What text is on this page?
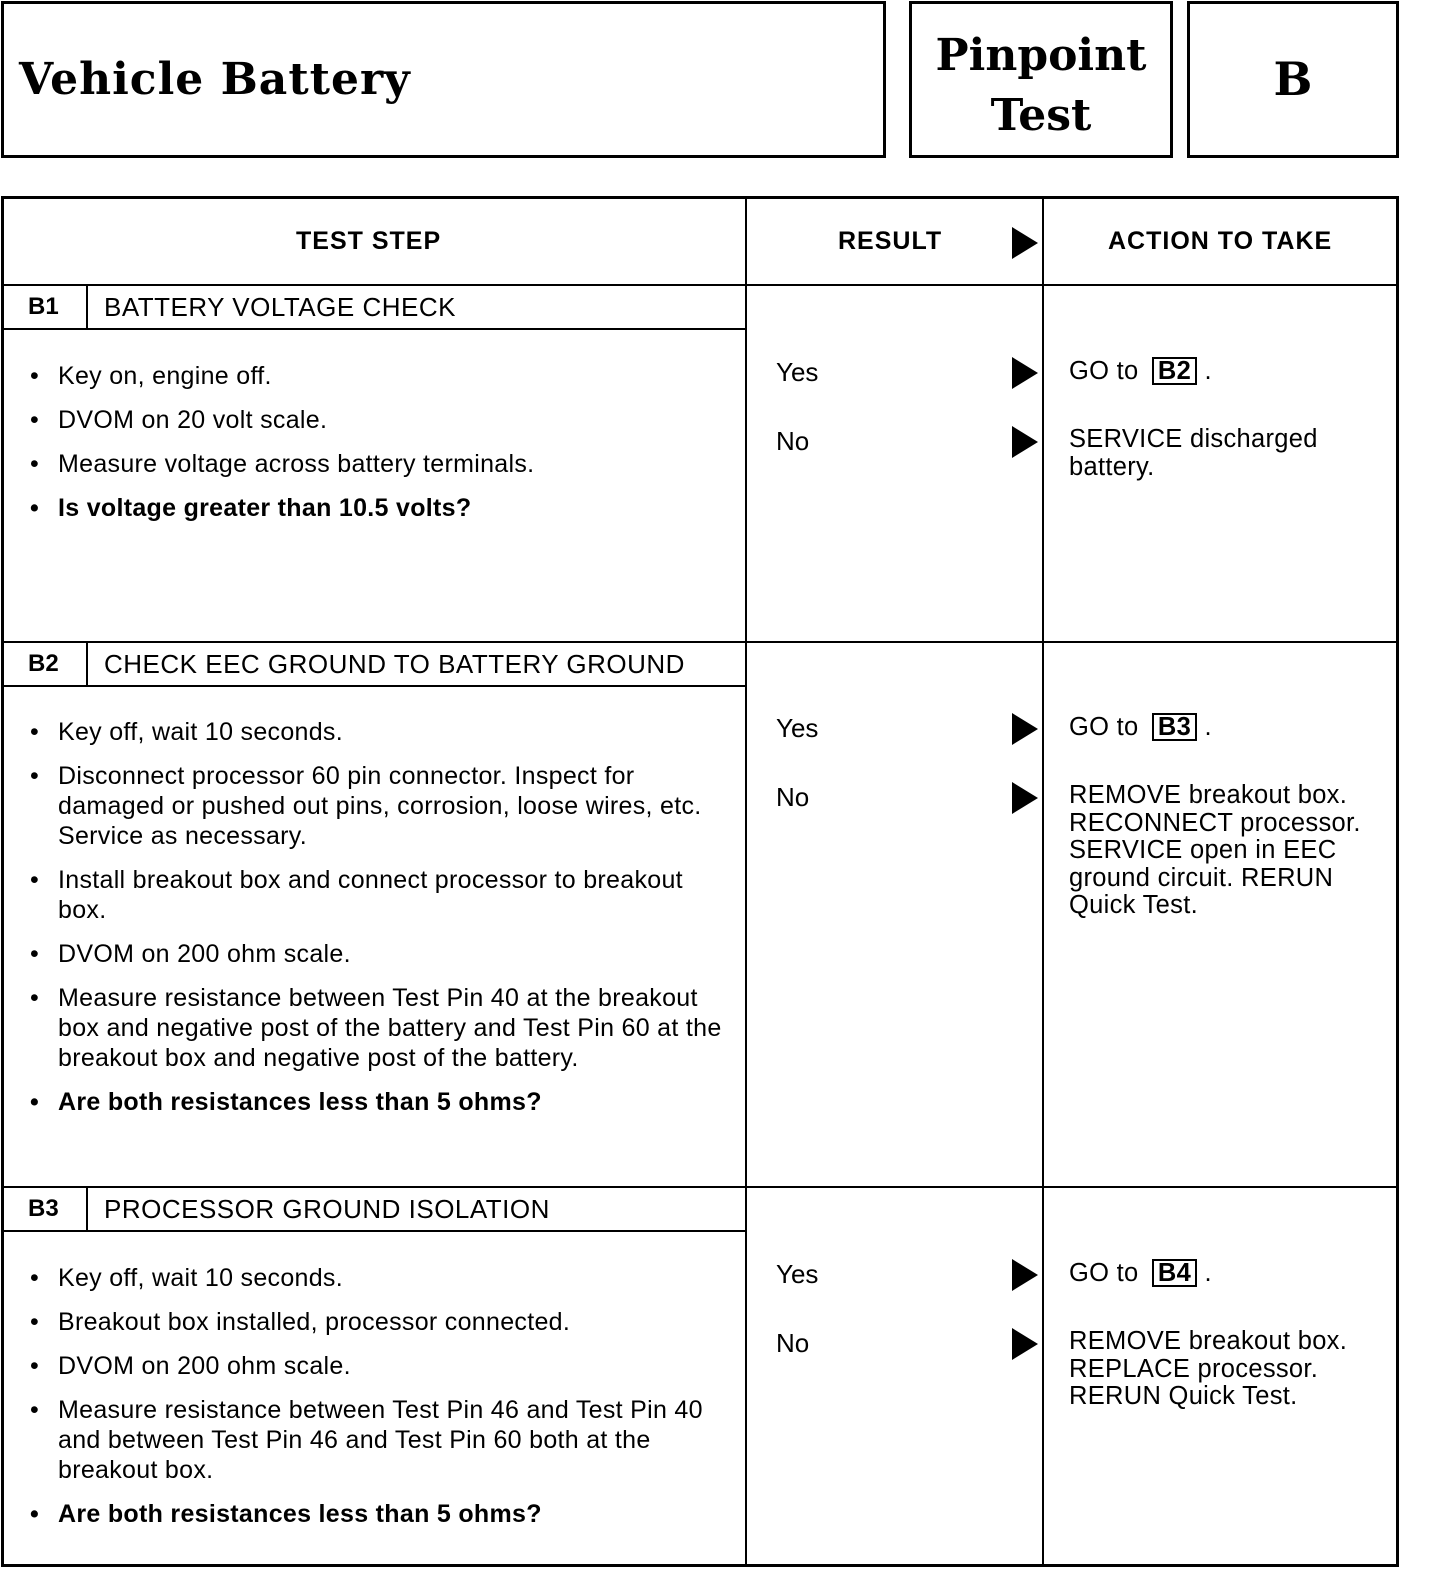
Vehicle Battery	Pinpoint
Test
B
TEST STEP	RESULT	ACTION TO TAKE
B1	BATTERY VOLTAGE CHECK
• Key on, engine off.
• DVOM on 20 volt scale.
• Measure voltage across battery terminals.
• Is voltage greater than 10.5 volts?
Yes	GO to B2 .
No	SERVICE discharged battery.
B2	CHECK EEC GROUND TO BATTERY GROUND
• Key off, wait 10 seconds.
• Disconnect processor 60 pin connector. Inspect for damaged or pushed out pins, corrosion, loose wires, etc. Service as necessary.
• Install breakout box and connect processor to breakout box.
• DVOM on 200 ohm scale.
• Measure resistance between Test Pin 40 at the breakout box and negative post of the battery and Test Pin 60 at the breakout box and negative post of the battery.
• Are both resistances less than 5 ohms?
Yes	GO to B3 .
No	REMOVE breakout box. RECONNECT processor. SERVICE open in EEC ground circuit. RERUN Quick Test.
B3	PROCESSOR GROUND ISOLATION
• Key off, wait 10 seconds.
• Breakout box installed, processor connected.
• DVOM on 200 ohm scale.
• Measure resistance between Test Pin 46 and Test Pin 40 and between Test Pin 46 and Test Pin 60 both at the breakout box.
• Are both resistances less than 5 ohms?
Yes	GO to B4 .
No	REMOVE breakout box. REPLACE processor. RERUN Quick Test.
